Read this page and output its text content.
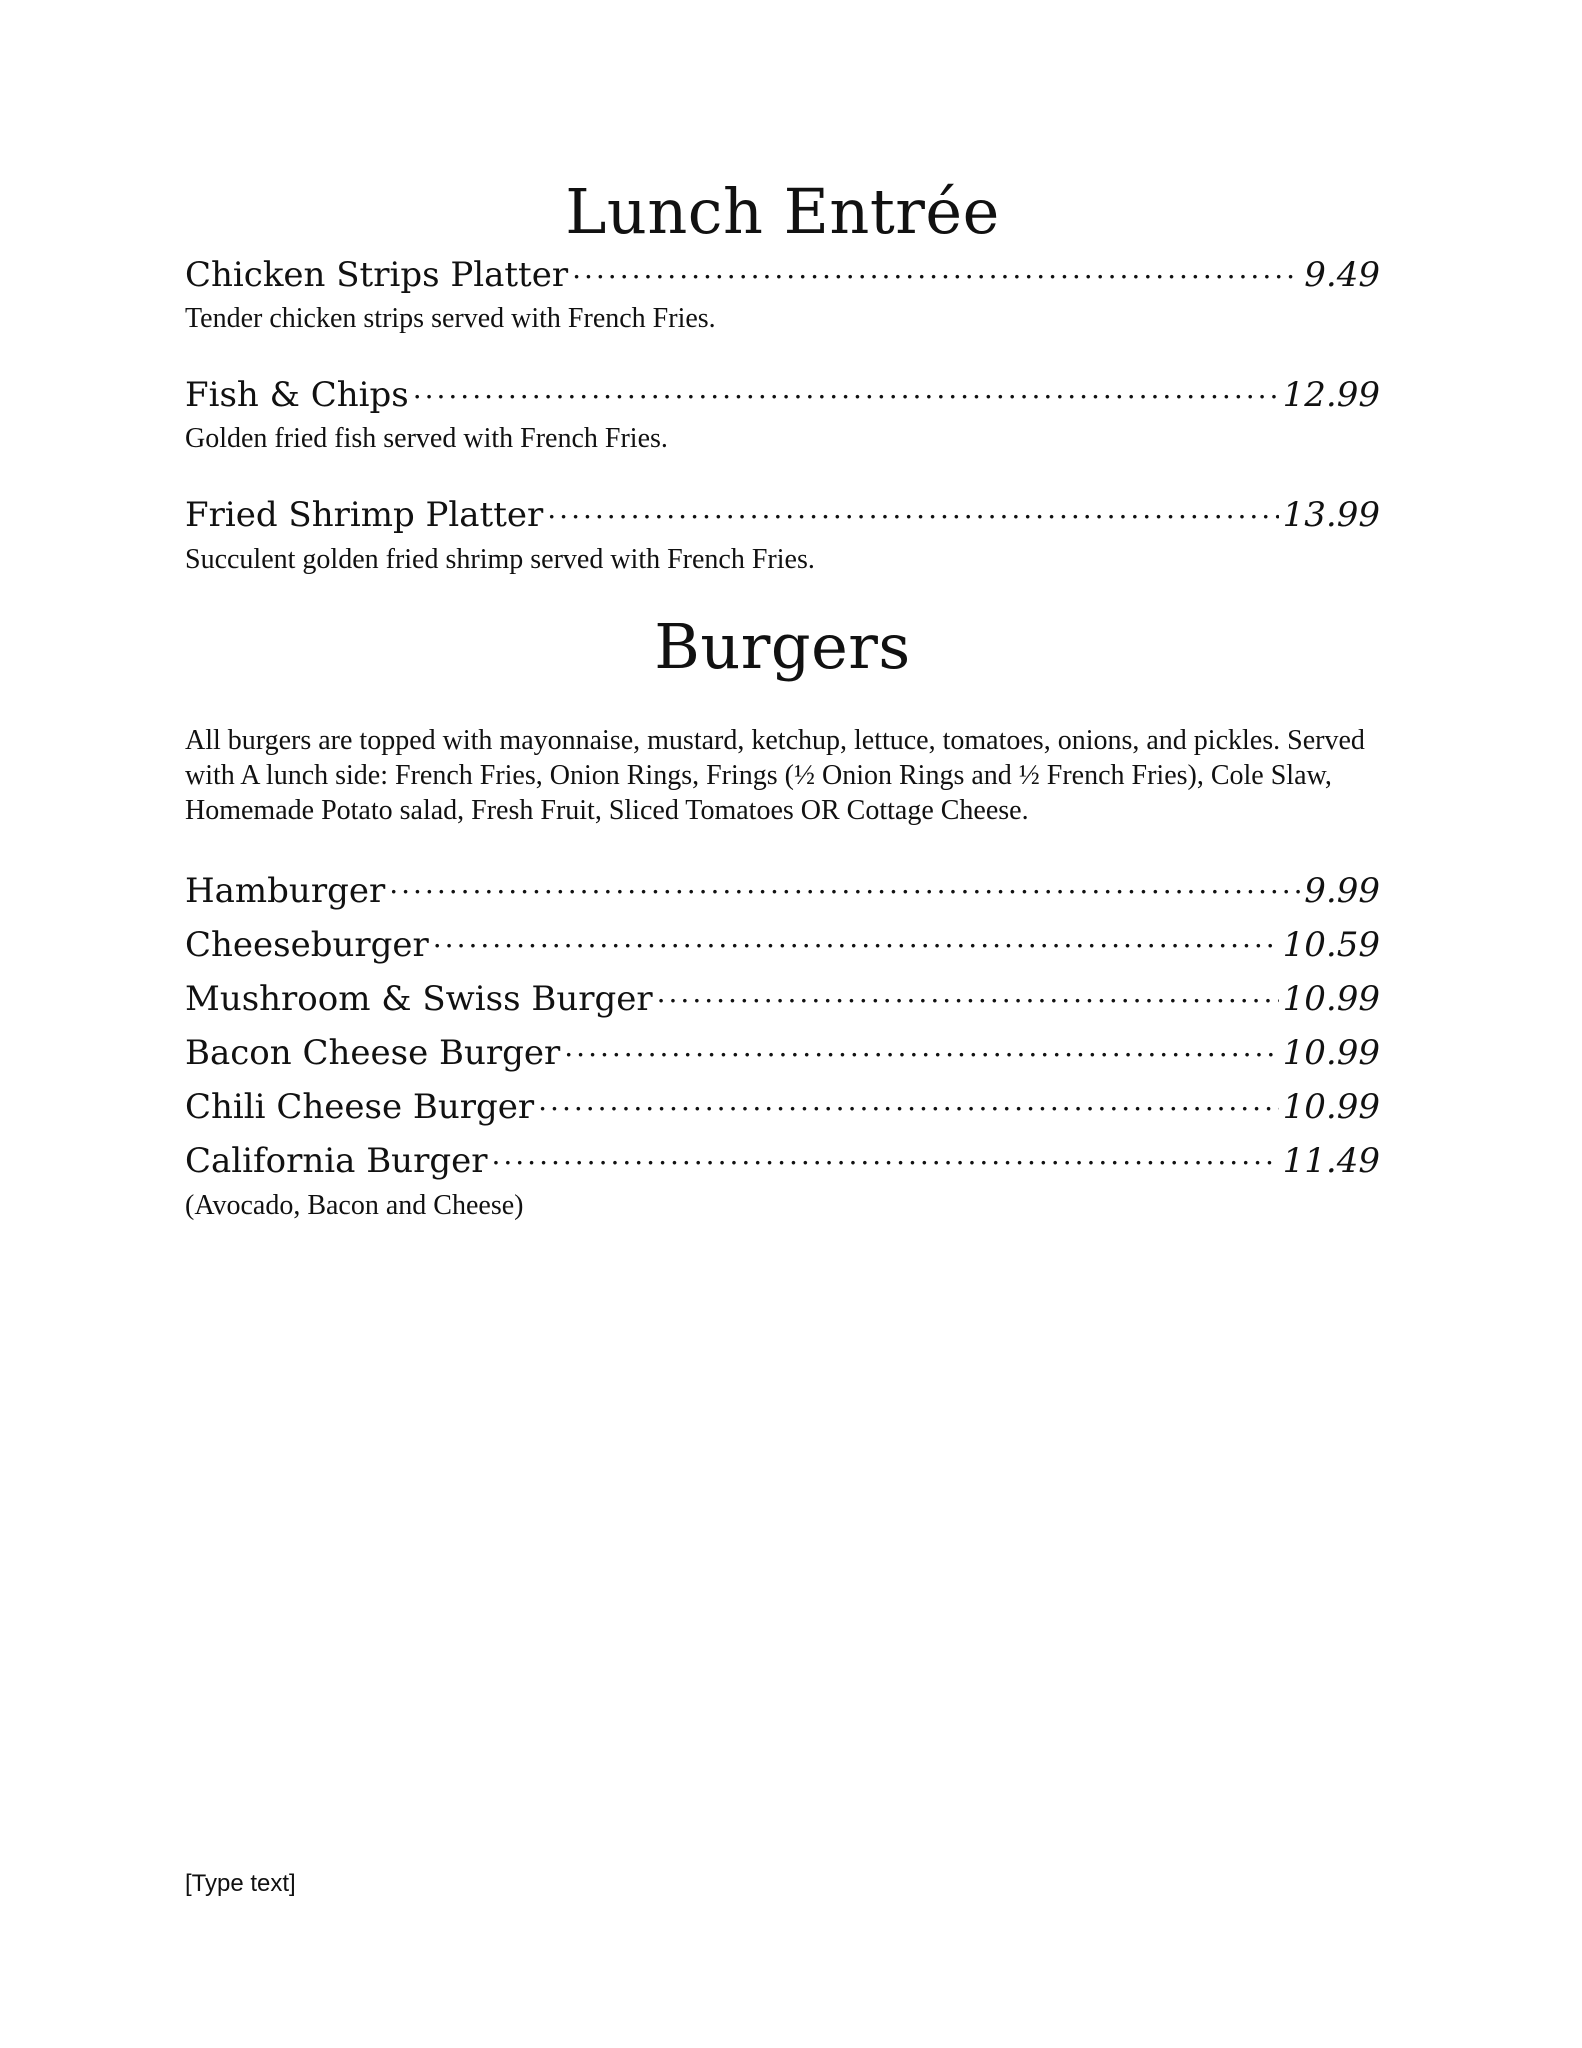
Lunch Entrée
Chicken Strips Platter .....	9.49

Tender chicken strips served with French Fries.

Fish & Chips .....	12.99

Golden fried fish served with French Fries.

Fried Shrimp Platter .....	13.99

Succulent golden fried shrimp served with French Fries.

Burgers

All burgers are topped with mayonnaise, mustard, ketchup, lettuce, tomatoes, onions, and pickles. Served with A lunch side: French Fries, Onion Rings, Frings (½ Onion Rings and ½ French Fries), Cole Slaw, Homemade Potato salad, Fresh Fruit, Sliced Tomatoes OR Cottage Cheese.

Hamburger .....	9.99
Cheeseburger .....	10.59
Mushroom & Swiss Burger .....	10.99
Bacon Cheese Burger .....	10.99
Chili Cheese Burger .....	10.99
California Burger .....	11.49
(Avocado, Bacon and Cheese)
[Type text]
